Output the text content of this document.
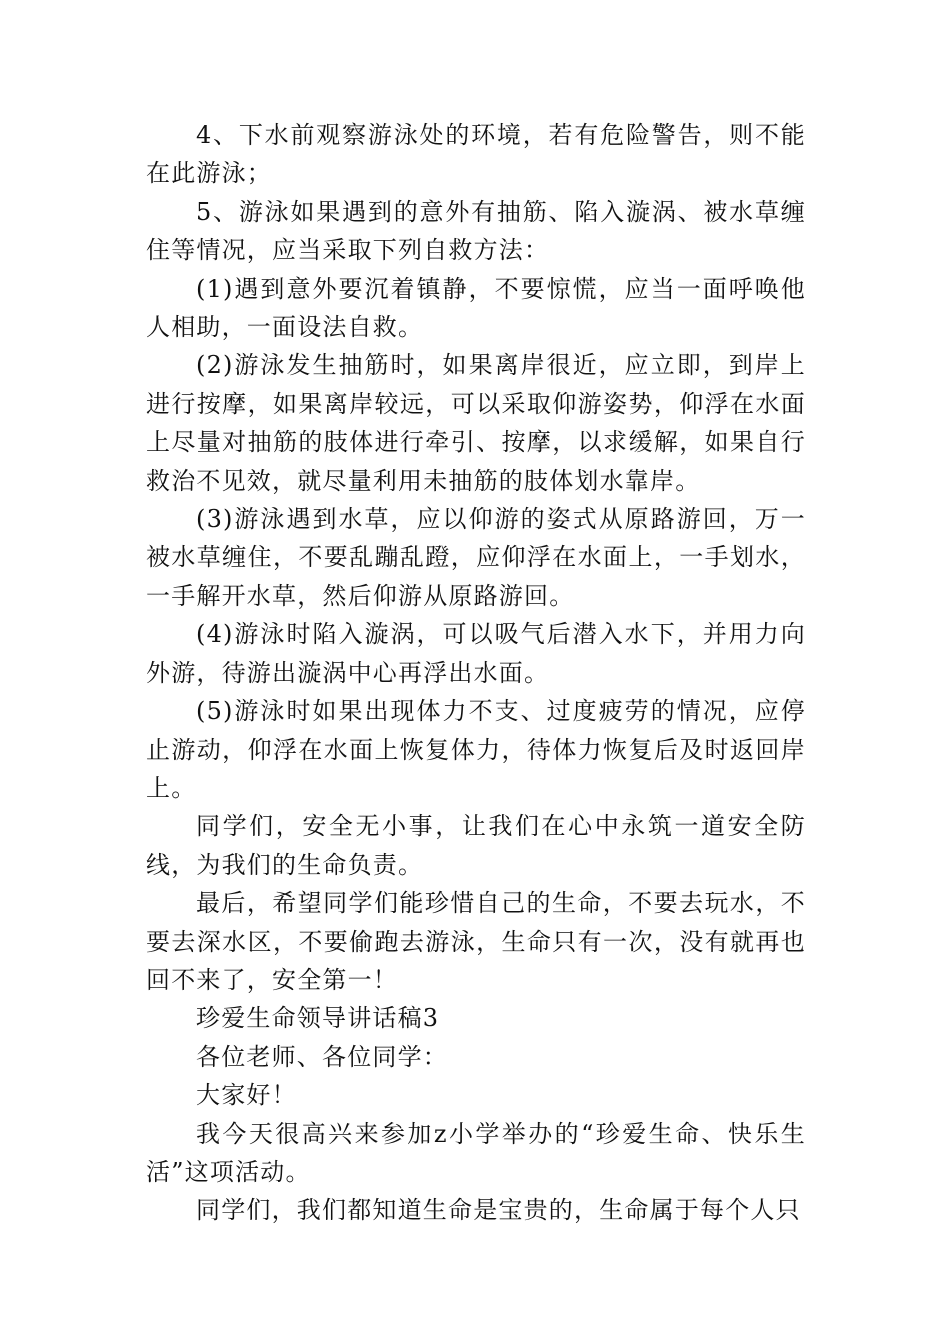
4、下水前观察游泳处的环境，若有危险警告，则不能在此游泳；

5、游泳如果遇到的意外有抽筋、陷入漩涡、被水草缠住等情况，应当采取下列自救方法：

(1)遇到意外要沉着镇静，不要惊慌，应当一面呼唤他人相助，一面设法自救。

(2)游泳发生抽筋时，如果离岸很近，应立即，到岸上进行按摩，如果离岸较远，可以采取仰游姿势，仰浮在水面上尽量对抽筋的肢体进行牵引、按摩，以求缓解，如果自行救治不见效，就尽量利用未抽筋的肢体划水靠岸。

(3)游泳遇到水草，应以仰游的姿式从原路游回，万一被水草缠住，不要乱蹦乱蹬，应仰浮在水面上，一手划水，一手解开水草，然后仰游从原路游回。

(4)游泳时陷入漩涡，可以吸气后潜入水下，并用力向外游，待游出漩涡中心再浮出水面。

(5)游泳时如果出现体力不支、过度疲劳的情况，应停止游动，仰浮在水面上恢复体力，待体力恢复后及时返回岸上。

同学们，安全无小事，让我们在心中永筑一道安全防线，为我们的生命负责。

最后，希望同学们能珍惜自己的生命，不要去玩水，不要去深水区，不要偷跑去游泳，生命只有一次，没有就再也回不来了，安全第一！

珍爱生命领导讲话稿3

各位老师、各位同学：

大家好！

我今天很高兴来参加z小学举办的“珍爱生命、快乐生活”这项活动。

同学们，我们都知道生命是宝贵的，生命属于每个人只
